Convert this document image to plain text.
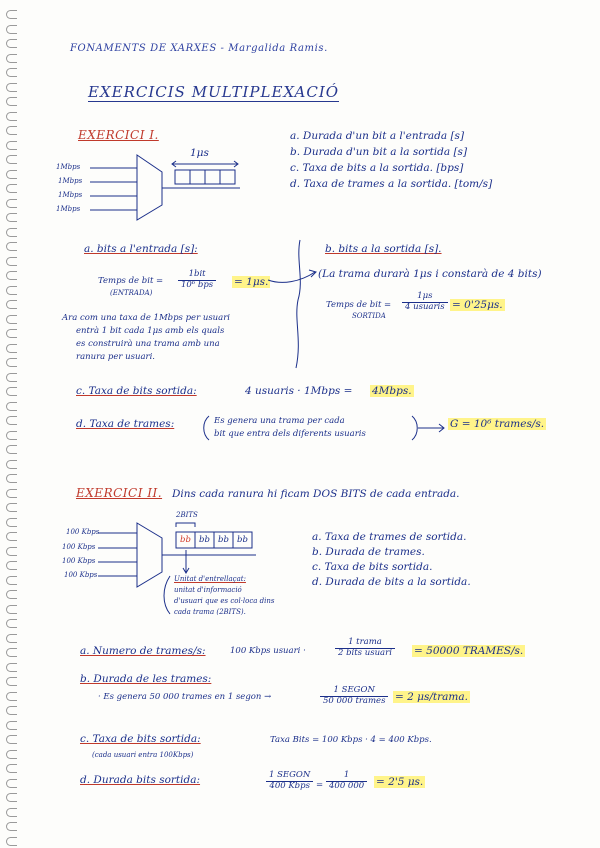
FONAMENTS DE XARXES - Margalida Ramis.
EXERCICIS MULTIPLEXACIÓ
EXERCICI I.
1μs
1Mbps
1Mbps
1Mbps
1Mbps
a. Durada d'un bit a l'entrada [s]
b. Durada d'un bit a la sortida [s]
c. Taxa de bits a la sortida. [bps]
d. Taxa de trames a la sortida. [tom/s]
a. bits a l'entrada [s]:
Temps de bit =
(ENTRADA)
$\frac{\text{1bit}}{\text{10⁶ bps}} = 1\mu s$.
Ara com una taxa de 1Mbps per usuari
entrà 1 bit cada 1μs amb els quals
es construirà una trama amb una
ranura per usuari.
b. bits a la sortida [s].
(La trama durarà 1μs i constarà de 4 bits)
Temps de bit =
SORTIDA
$\frac{1\mu s}{\text{4 usuaris}} = 0'25\mu s$.
c. Taxa de bits sortida:	4 usuaris · 1Mbps = 4Mbps.
d. Taxa de trames:	Es genera una trama per cada
bit que entra dels diferents usuaris
G = 10⁶ trames/s.
EXERCICI II. Dins cada ranura hi ficam DOS BITS de cada entrada.
100 Kbps
100 Kbps
100 Kbps
100 Kbps
2BITS
bb bb bb bb
Unitat d'entrellaçat:
unitat d'informació
d'usuari que es col·loca dins
cada trama (2BITS).
a. Taxa de trames de sortida.
b. Durada de trames.
c. Taxa de bits sortida.
d. Durada de bits a la sortida.
a. Numero de trames/s:	100 Kbps usuari ·	$\frac{\text{1 trama}}{\text{2 bits usuari}} = 50000$ TRAMES/s.
b. Durada de les trames:
· Es genera 50 000 trames en 1 segon →	$\frac{\text{1 SEGON}}{\text{50 000 trames}} = 2$ μs/trama.
c. Taxa de bits sortida:
(cada usuari entra 100Kbps)
Taxa Bits = 100 Kbps · 4 = 400 Kbps.
d. Durada bits sortida:	$\frac{\text{1 SEGON}}{\text{400 Kbps}} = \frac{1}{400 000} = 2'5$ μs.
